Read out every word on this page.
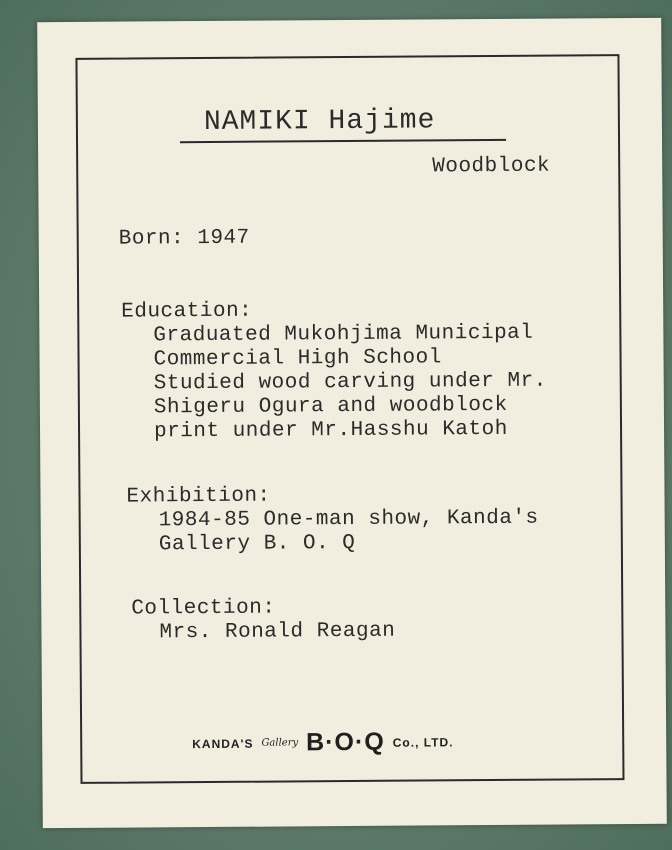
NAMIKI Hajime
Woodblock
Born: 1947
Education:
Graduated Mukohjima Municipal
Commercial High School
Studied wood carving under Mr.
Shigeru Ogura and woodblock
print under Mr.Hasshu Katoh
Exhibition:
1984-85 One-man show, Kanda's
Gallery B. O. Q
Collection:
Mrs. Ronald Reagan
KANDA'S Gallery B·O·Q Co., LTD.
